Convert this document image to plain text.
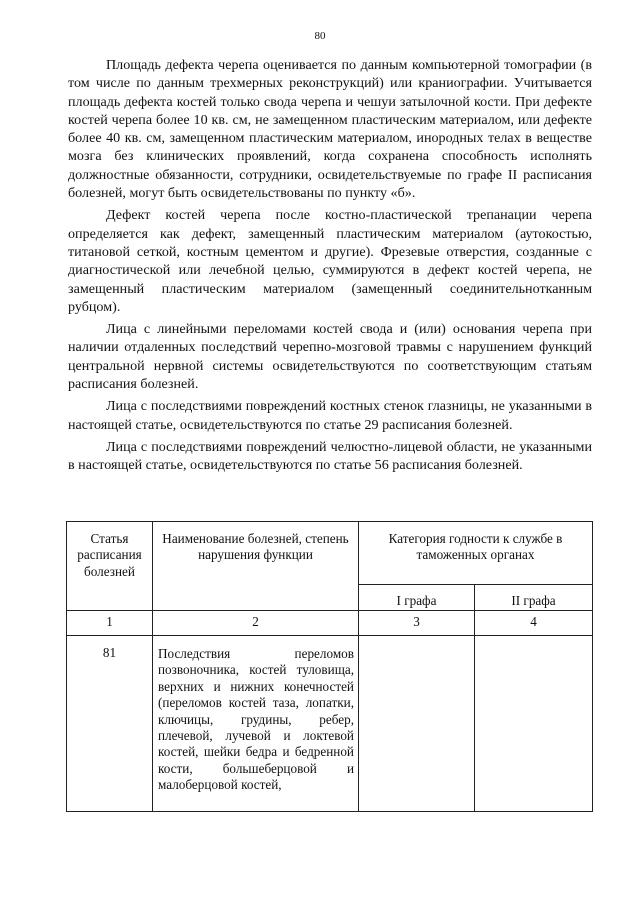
80

Площадь дефекта черепа оценивается по данным компьютерной томографии (в том числе по данным трехмерных реконструкций) или краниографии. Учитывается площадь дефекта костей только свода черепа и чешуи затылочной кости. При дефекте костей черепа более 10 кв. см, не замещенном пластическим материалом, или дефекте более 40 кв. см, замещенном пластическим материалом, инородных телах в веществе мозга без клинических проявлений, когда сохранена способность исполнять должностные обязанности, сотрудники, освидетельствуемые по графе II расписания болезней, могут быть освидетельствованы по пункту «б».

Дефект костей черепа после костно-пластической трепанации черепа определяется как дефект, замещенный пластическим материалом (аутокостью, титановой сеткой, костным цементом и другие). Фрезевые отверстия, созданные с диагностической или лечебной целью, суммируются в дефект костей черепа, не замещенный пластическим материалом (замещенный соединительнотканным рубцом).

Лица с линейными переломами костей свода и (или) основания черепа при наличии отдаленных последствий черепно-мозговой травмы с нарушением функций центральной нервной системы освидетельствуются по соответствующим статьям расписания болезней.

Лица с последствиями повреждений костных стенок глазницы, не указанными в настоящей статье, освидетельствуются по статье 29 расписания болезней.

Лица с последствиями повреждений челюстно-лицевой области, не указанными в настоящей статье, освидетельствуются по статье 56 расписания болезней.

Статья расписания болезней	Наименование болезней, степень нарушения функции	Категория годности к службе в таможенных органах	
		I графа	II графа
1	2	3	4
81	Последствия переломов позвоночника, костей туловища, верхних и нижних конечностей (переломов костей таза, лопатки, ключицы, грудины, ребер, плечевой, лучевой и локтевой костей, шейки бедра и бедренной кости, большеберцовой и малоберцовой костей,		
